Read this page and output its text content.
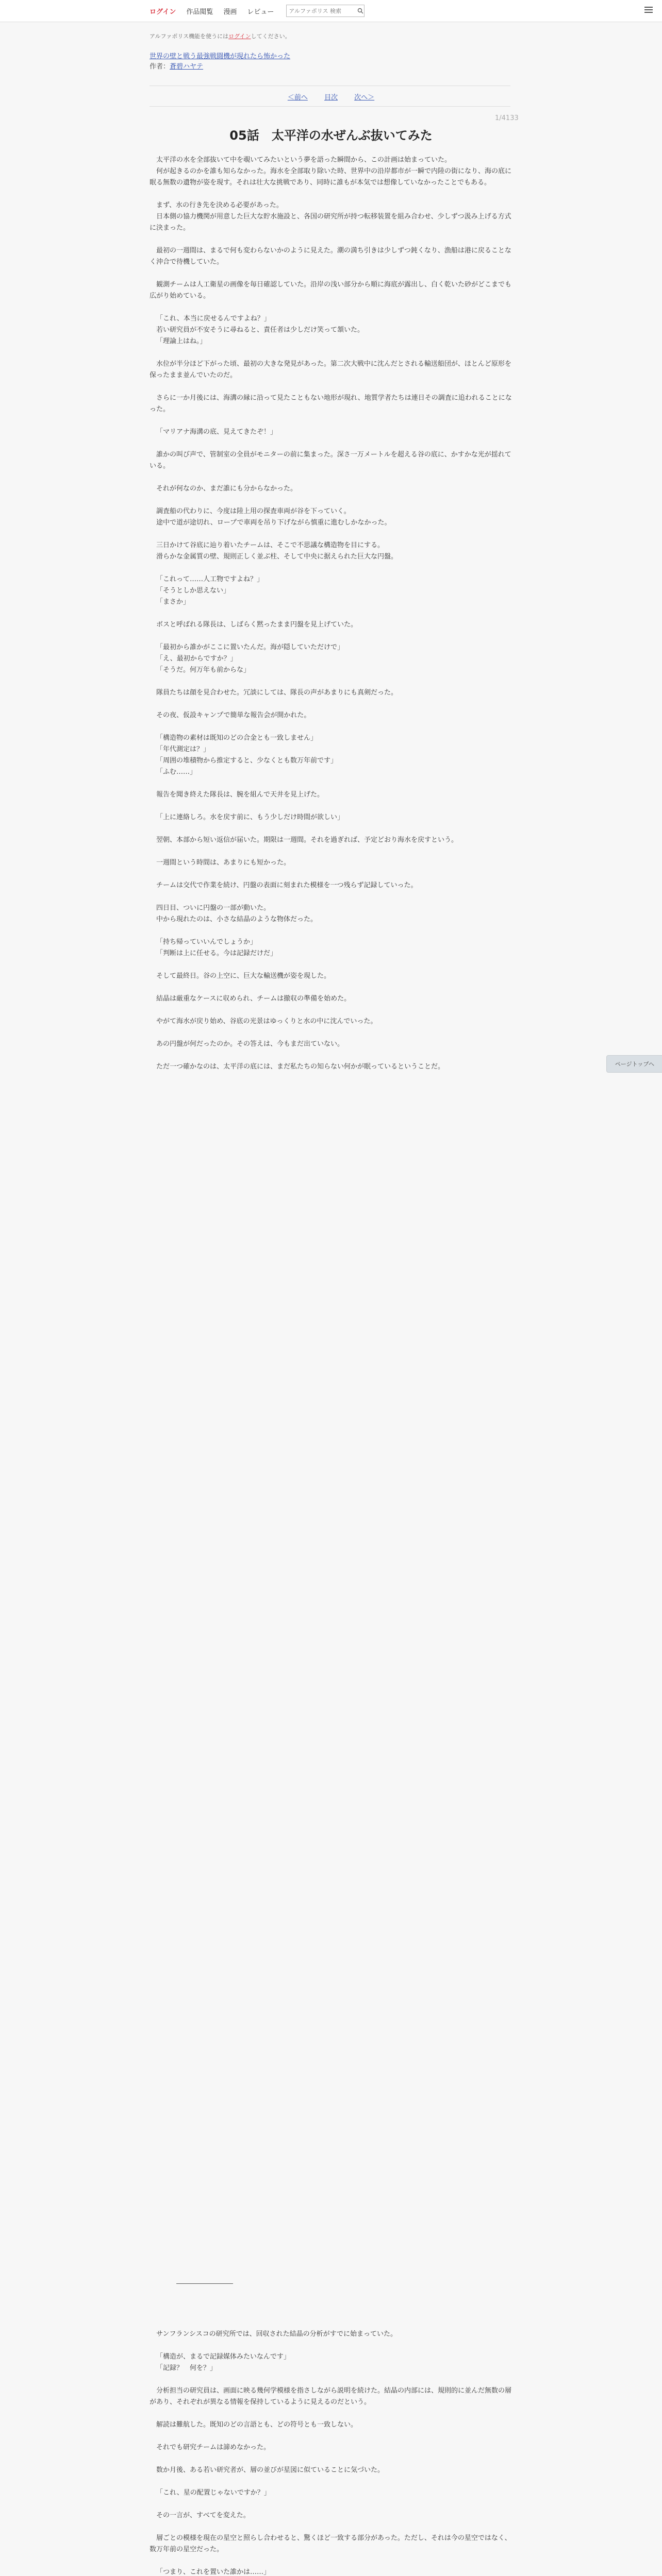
ログイン 作品閲覧 漫画 レビュー
アルファポリス 検索
アルファポリス機能を使うにはログインしてください。
世界の壁と戦う最強戦闘機が現れたら怖かった
作者：蒼碧ハヤテ
＜前へ 目次 次へ＞
1/4133
05話　太平洋の水ぜんぶ抜いてみた

太平洋の水を全部抜いて中を覗いてみたいという夢を語った瞬間から、この計画は始まっていた。

何が起きるのかを誰も知らなかった。海水を全部取り除いた時、世界中の沿岸都市が一瞬で内陸の街になり、海の底に眠る無数の遺物が姿を現す。それは壮大な挑戦であり、同時に誰もが本気では想像していなかったことでもある。

まず、水の行き先を決める必要があった。

日本側の協力機関が用意した巨大な貯水施設と、各国の研究所が持つ転移装置を組み合わせ、少しずつ汲み上げる方式に決まった。

最初の一週間は、まるで何も変わらないかのように見えた。潮の満ち引きは少しずつ鈍くなり、漁船は港に戻ることなく沖合で待機していた。

観測チームは人工衛星の画像を毎日確認していた。沿岸の浅い部分から順に海底が露出し、白く乾いた砂がどこまでも広がり始めている。

「これ、本当に戻せるんですよね？」

若い研究員が不安そうに尋ねると、責任者は少しだけ笑って頷いた。

「理論上はね。」

水位が半分ほど下がった頃、最初の大きな発見があった。第二次大戦中に沈んだとされる輸送船団が、ほとんど原形を保ったまま並んでいたのだ。

さらに一か月後には、海溝の縁に沿って見たこともない地形が現れ、地質学者たちは連日その調査に追われることになった。

「マリアナ海溝の底、見えてきたぞ！」

誰かの叫び声で、管制室の全員がモニターの前に集まった。深さ一万メートルを超える谷の底に、かすかな光が揺れている。

それが何なのか、まだ誰にも分からなかった。

調査船の代わりに、今度は陸上用の探査車両が谷を下っていく。

途中で道が途切れ、ロープで車両を吊り下げながら慎重に進むしかなかった。

三日かけて谷底に辿り着いたチームは、そこで不思議な構造物を目にする。

滑らかな金属質の壁、規則正しく並ぶ柱、そして中央に据えられた巨大な円盤。

「これって……人工物ですよね？」

「そうとしか思えない」

「まさか」

ボスと呼ばれる隊長は、しばらく黙ったまま円盤を見上げていた。

「最初から誰かがここに置いたんだ。海が隠していただけで」

「え、最初からですか？」

「そうだ。何万年も前からな」

隊員たちは顔を見合わせた。冗談にしては、隊長の声があまりにも真剣だった。

その夜、仮設キャンプで簡単な報告会が開かれた。

「構造物の素材は既知のどの合金とも一致しません」

「年代測定は？」

「周囲の堆積物から推定すると、少なくとも数万年前です」

「ふむ……」

報告を聞き終えた隊長は、腕を組んで天井を見上げた。

「上に連絡しろ。水を戻す前に、もう少しだけ時間が欲しい」

翌朝、本部から短い返信が届いた。期限は一週間。それを過ぎれば、予定どおり海水を戻すという。

一週間という時間は、あまりにも短かった。

チームは交代で作業を続け、円盤の表面に刻まれた模様を一つ残らず記録していった。

四日目、ついに円盤の一部が動いた。

中から現れたのは、小さな結晶のような物体だった。

「持ち帰っていいんでしょうか」

「判断は上に任せる。今は記録だけだ」

そして最終日。谷の上空に、巨大な輸送機が姿を現した。

結晶は厳重なケースに収められ、チームは撤収の準備を始めた。

やがて海水が戻り始め、谷底の光景はゆっくりと水の中に沈んでいった。

あの円盤が何だったのか。その答えは、今もまだ出ていない。

ただ一つ確かなのは、太平洋の底には、まだ私たちの知らない何かが眠っているということだ。

サンフランシスコの研究所では、回収された結晶の分析がすでに始まっていた。

「構造が、まるで記録媒体みたいなんです」

「記録？　何を？」

分析担当の研究員は、画面に映る幾何学模様を指さしながら説明を続けた。結晶の内部には、規則的に並んだ無数の層があり、それぞれが異なる情報を保持しているように見えるのだという。

解読は難航した。既知のどの言語とも、どの符号とも一致しない。

それでも研究チームは諦めなかった。

数か月後、ある若い研究者が、層の並びが星図に似ていることに気づいた。

「これ、星の配置じゃないですか？」

その一言が、すべてを変えた。

層ごとの模様を現在の星空と照らし合わせると、驚くほど一致する部分があった。ただし、それは今の星空ではなく、数万年前の星空だった。

「つまり、これを置いた誰かは……」

ページトップへ
